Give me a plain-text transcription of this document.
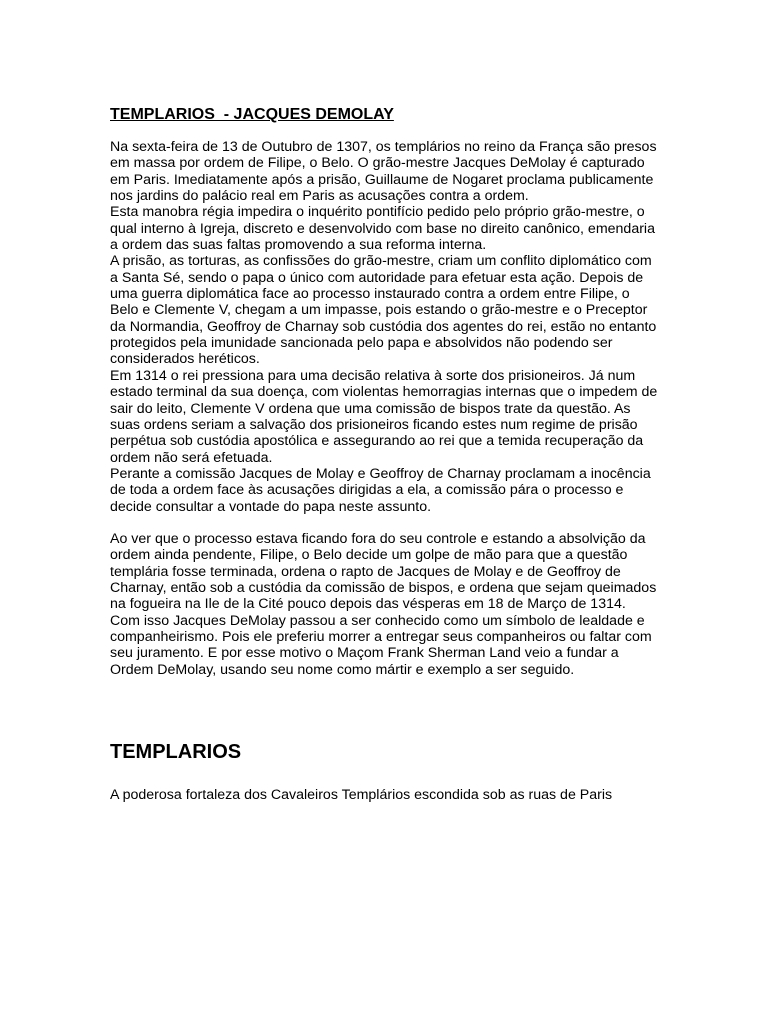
TEMPLARIOS  - JACQUES DEMOLAY

Na sexta-feira de 13 de Outubro de 1307, os templários no reino da França são presos em massa por ordem de Filipe, o Belo. O grão-mestre Jacques DeMolay é capturado em Paris. Imediatamente após a prisão, Guillaume de Nogaret proclama publicamente nos jardins do palácio real em Paris as acusações contra a ordem.

Esta manobra régia impedira o inquérito pontifício pedido pelo próprio grão-mestre, o qual interno à Igreja, discreto e desenvolvido com base no direito canônico, emendaria a ordem das suas faltas promovendo a sua reforma interna.

A prisão, as torturas, as confissões do grão-mestre, criam um conflito diplomático com a Santa Sé, sendo o papa o único com autoridade para efetuar esta ação. Depois de uma guerra diplomática face ao processo instaurado contra a ordem entre Filipe, o Belo e Clemente V, chegam a um impasse, pois estando o grão-mestre e o Preceptor da Normandia, Geoffroy de Charnay sob custódia dos agentes do rei, estão no entanto protegidos pela imunidade sancionada pelo papa e absolvidos não podendo ser considerados heréticos.

Em 1314 o rei pressiona para uma decisão relativa à sorte dos prisioneiros. Já num estado terminal da sua doença, com violentas hemorragias internas que o impedem de sair do leito, Clemente V ordena que uma comissão de bispos trate da questão. As suas ordens seriam a salvação dos prisioneiros ficando estes num regime de prisão perpétua sob custódia apostólica e assegurando ao rei que a temida recuperação da ordem não será efetuada.

Perante a comissão Jacques de Molay e Geoffroy de Charnay proclamam a inocência de toda a ordem face às acusações dirigidas a ela, a comissão pára o processo e decide consultar a vontade do papa neste assunto.

Ao ver que o processo estava ficando fora do seu controle e estando a absolvição da ordem ainda pendente, Filipe, o Belo decide um golpe de mão para que a questão templária fosse terminada, ordena o rapto de Jacques de Molay e de Geoffroy de Charnay, então sob a custódia da comissão de bispos, e ordena que sejam queimados na fogueira na Ile de la Cité pouco depois das vésperas em 18 de Março de 1314.

Com isso Jacques DeMolay passou a ser conhecido como um símbolo de lealdade e companheirismo. Pois ele preferiu morrer a entregar seus companheiros ou faltar com seu juramento. E por esse motivo o Maçom Frank Sherman Land veio a fundar a Ordem DeMolay, usando seu nome como mártir e exemplo a ser seguido.

TEMPLARIOS

A poderosa fortaleza dos Cavaleiros Templários escondida sob as ruas de Paris
